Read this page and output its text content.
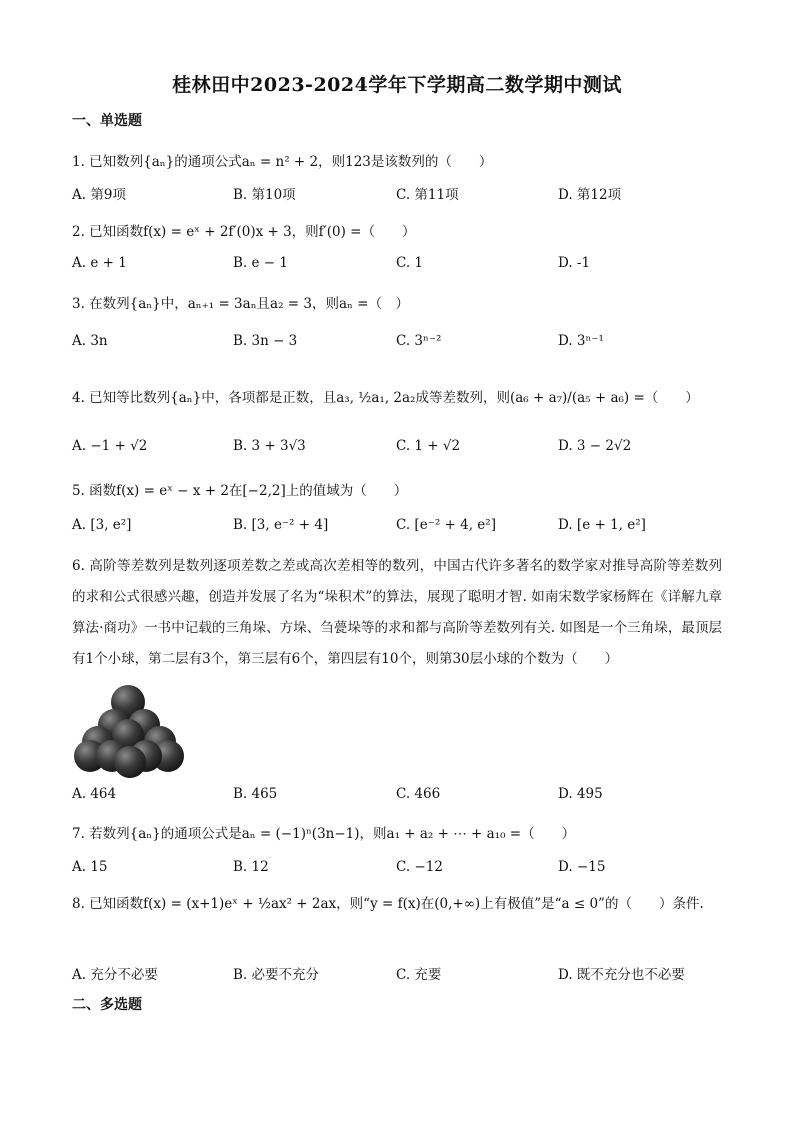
桂林田中2023-2024学年下学期高二数学期中测试
一、单选题
1. 已知数列{aₙ}的通项公式aₙ = n² + 2，则123是该数列的（　　）
A. 第9项	B. 第10项	C. 第11项	D. 第12项
2. 已知函数f(x) = eˣ + 2f′(0)x + 3，则f′(0) =（　　）
A. e + 1	B. e − 1	C. 1	D. -1
3. 在数列{aₙ}中，aₙ₊₁ = 3aₙ且a₂ = 3，则aₙ =（　）
A. 3n	B. 3n − 3	C. 3ⁿ⁻²	D. 3ⁿ⁻¹
4. 已知等比数列{aₙ}中，各项都是正数，且a₃, ½a₁, 2a₂成等差数列，则(a₆ + a₇)/(a₅ + a₆) =（　　）
A. −1 + √2	B. 3 + 3√3	C. 1 + √2	D. 3 − 2√2
5. 函数f(x) = eˣ − x + 2在[−2,2]上的值域为（　　）
A. [3, e²]	B. [3, e⁻² + 4]	C. [e⁻² + 4, e²]	D. [e + 1, e²]
6. 高阶等差数列是数列逐项差数之差或高次差相等的数列，中国古代许多著名的数学家对推导高阶等差数列的求和公式很感兴趣，创造并发展了名为“垛积术”的算法，展现了聪明才智. 如南宋数学家杨辉在《详解九章算法·商功》一书中记载的三角垛、方垛、刍甍垛等的求和都与高阶等差数列有关. 如图是一个三角垛，最顶层有1个小球，第二层有3个，第三层有6个，第四层有10个，则第30层小球的个数为（　　）
A. 464	B. 465	C. 466	D. 495
7. 若数列{aₙ}的通项公式是aₙ = (−1)ⁿ(3n−1)，则a₁ + a₂ + ⋯ + a₁₀ =（　　）
A. 15	B. 12	C. −12	D. −15
8. 已知函数f(x) = (x+1)eˣ + ½ax² + 2ax，则“y = f(x)在(0,+∞)上有极值”是“a ≤ 0”的（　　）条件.
A. 充分不必要	B. 必要不充分	C. 充要	D. 既不充分也不必要
二、多选题
